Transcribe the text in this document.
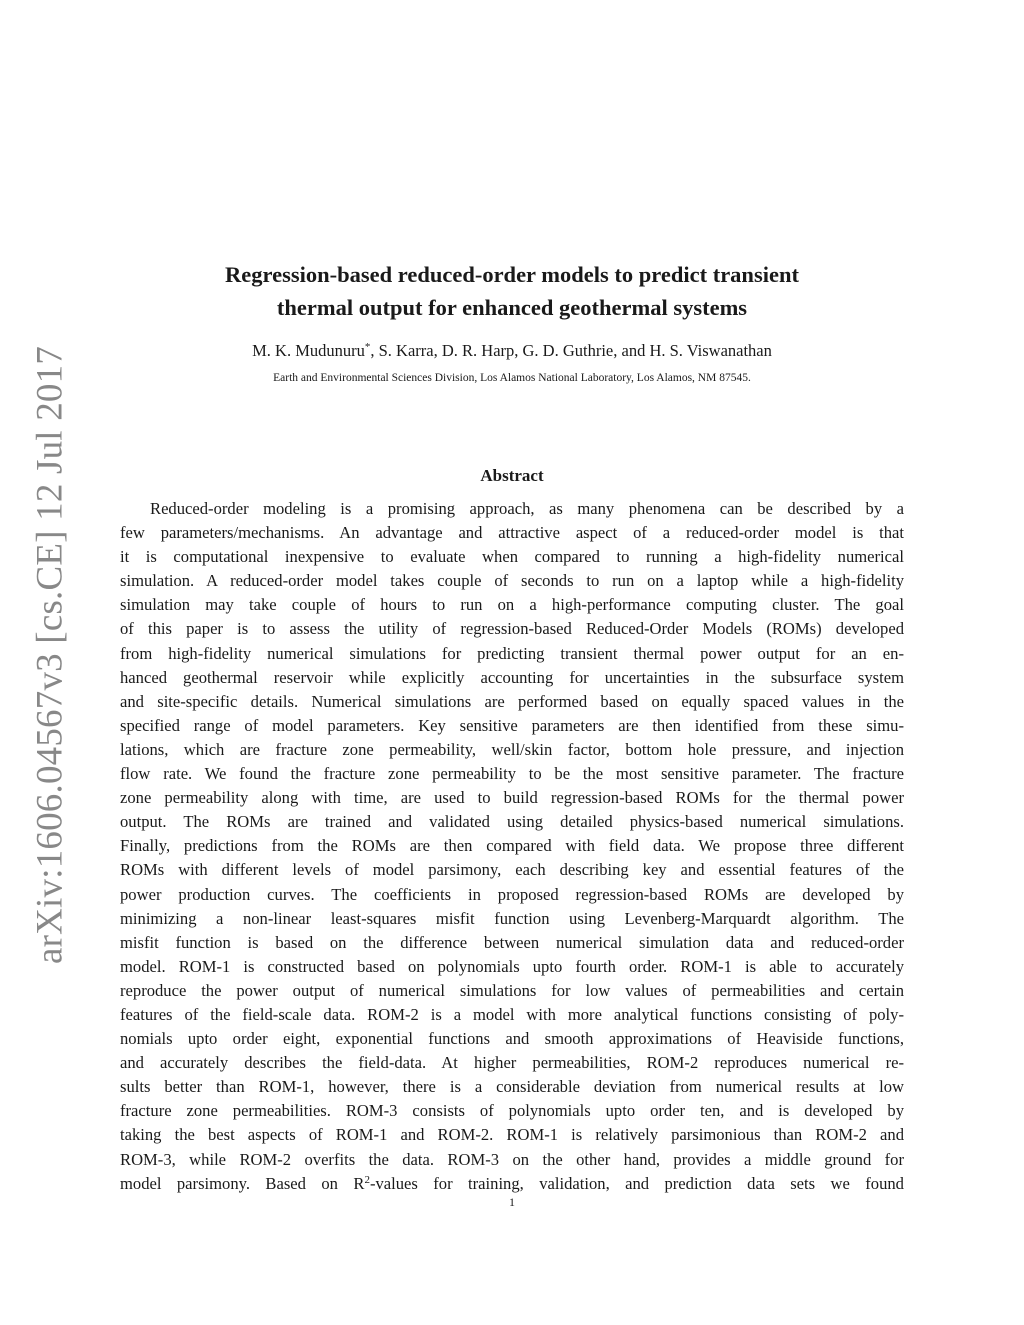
arXiv:1606.04567v3 [cs.CE] 12 Jul 2017
Regression-based reduced-order models to predict transient
thermal output for enhanced geothermal systems
M. K. Mudunuru*, S. Karra, D. R. Harp, G. D. Guthrie, and H. S. Viswanathan
Earth and Environmental Sciences Division, Los Alamos National Laboratory, Los Alamos, NM 87545.
Abstract
Reduced-order modeling is a promising approach, as many phenomena can be described by a
few parameters/mechanisms. An advantage and attractive aspect of a reduced-order model is that
it is computational inexpensive to evaluate when compared to running a high-fidelity numerical
simulation. A reduced-order model takes couple of seconds to run on a laptop while a high-fidelity
simulation may take couple of hours to run on a high-performance computing cluster. The goal
of this paper is to assess the utility of regression-based Reduced-Order Models (ROMs) developed
from high-fidelity numerical simulations for predicting transient thermal power output for an en-
hanced geothermal reservoir while explicitly accounting for uncertainties in the subsurface system
and site-specific details. Numerical simulations are performed based on equally spaced values in the
specified range of model parameters. Key sensitive parameters are then identified from these simu-
lations, which are fracture zone permeability, well/skin factor, bottom hole pressure, and injection
flow rate. We found the fracture zone permeability to be the most sensitive parameter. The fracture
zone permeability along with time, are used to build regression-based ROMs for the thermal power
output. The ROMs are trained and validated using detailed physics-based numerical simulations.
Finally, predictions from the ROMs are then compared with field data. We propose three different
ROMs with different levels of model parsimony, each describing key and essential features of the
power production curves. The coefficients in proposed regression-based ROMs are developed by
minimizing a non-linear least-squares misfit function using Levenberg-Marquardt algorithm. The
misfit function is based on the difference between numerical simulation data and reduced-order
model. ROM-1 is constructed based on polynomials upto fourth order. ROM-1 is able to accurately
reproduce the power output of numerical simulations for low values of permeabilities and certain
features of the field-scale data. ROM-2 is a model with more analytical functions consisting of poly-
nomials upto order eight, exponential functions and smooth approximations of Heaviside functions,
and accurately describes the field-data. At higher permeabilities, ROM-2 reproduces numerical re-
sults better than ROM-1, however, there is a considerable deviation from numerical results at low
fracture zone permeabilities. ROM-3 consists of polynomials upto order ten, and is developed by
taking the best aspects of ROM-1 and ROM-2. ROM-1 is relatively parsimonious than ROM-2 and
ROM-3, while ROM-2 overfits the data. ROM-3 on the other hand, provides a middle ground for
model parsimony. Based on $R^2$-values for training, validation, and prediction data sets we found
1
